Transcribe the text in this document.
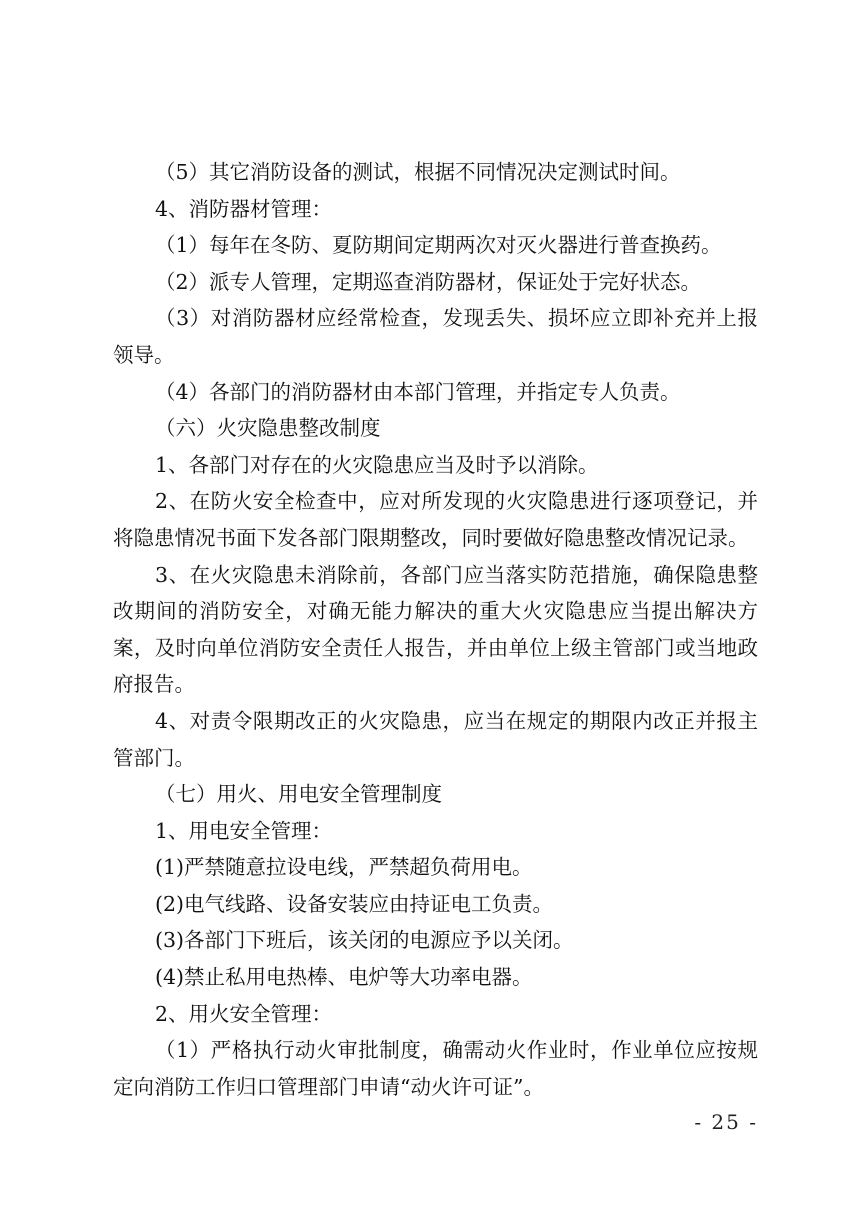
（5）其它消防设备的测试，根据不同情况决定测试时间。

4、消防器材管理：

（1）每年在冬防、夏防期间定期两次对灭火器进行普查换药。

（2）派专人管理，定期巡查消防器材，保证处于完好状态。

（3）对消防器材应经常检查，发现丢失、损坏应立即补充并上报领导。

（4）各部门的消防器材由本部门管理，并指定专人负责。

（六）火灾隐患整改制度

1、各部门对存在的火灾隐患应当及时予以消除。

2、在防火安全检查中，应对所发现的火灾隐患进行逐项登记，并将隐患情况书面下发各部门限期整改，同时要做好隐患整改情况记录。

3、在火灾隐患未消除前，各部门应当落实防范措施，确保隐患整改期间的消防安全，对确无能力解决的重大火灾隐患应当提出解决方案，及时向单位消防安全责任人报告，并由单位上级主管部门或当地政府报告。

4、对责令限期改正的火灾隐患，应当在规定的期限内改正并报主管部门。

（七）用火、用电安全管理制度

1、用电安全管理：

(1)严禁随意拉设电线，严禁超负荷用电。

(2)电气线路、设备安装应由持证电工负责。

(3)各部门下班后，该关闭的电源应予以关闭。

(4)禁止私用电热棒、电炉等大功率电器。

2、用火安全管理：

（1）严格执行动火审批制度，确需动火作业时，作业单位应按规定向消防工作归口管理部门申请“动火许可证”。

- 25 -
